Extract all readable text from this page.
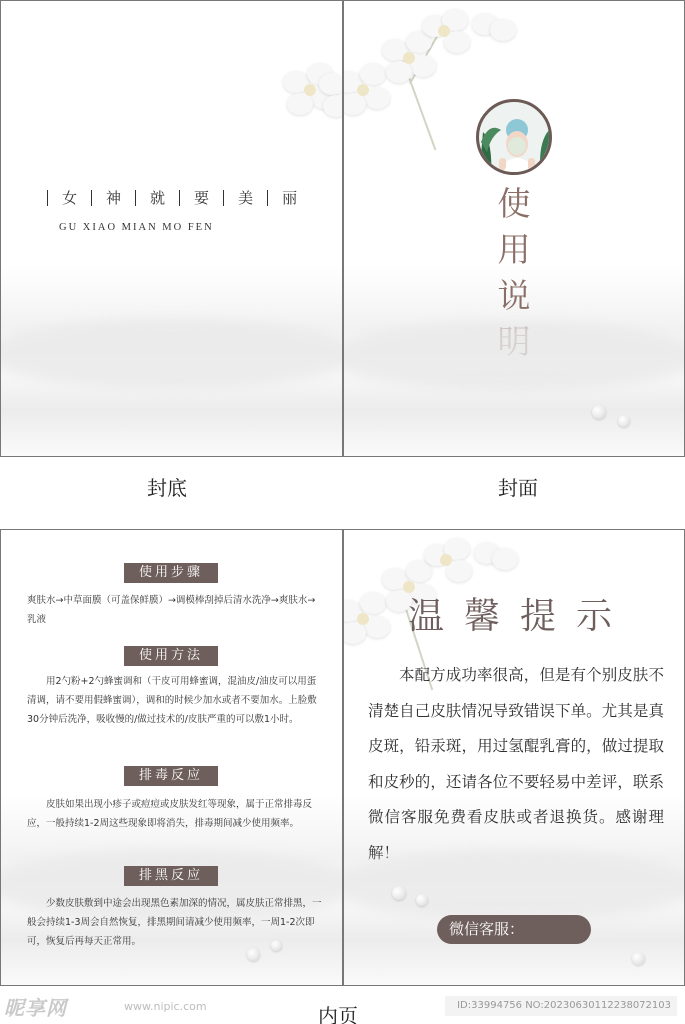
女 神 就 要 美 丽
GU XIAO MIAN MO FEN
使
用
说
封底	封面
使用步骤
爽肤水→中草面膜（可盖保鲜膜）→调模棒刮掉后清水洗净→爽肤水→乳液
使用方法
用2勺粉+2勺蜂蜜调和（干皮可用蜂蜜调，混油皮/油皮可以用蛋清调，请不要用假蜂蜜调），调和的时候少加水或者不要加水。上脸敷30分钟后洗净，吸收慢的/做过技术的/皮肤严重的可以敷1小时。
排毒反应
皮肤如果出现小疹子或痘痘或皮肤发红等现象，属于正常排毒反应，一般持续1-2周这些现象即将消失，排毒期间减少使用频率。
排黑反应
少数皮肤敷到中途会出现黑色素加深的情况，属皮肤正常排黑，一般会持续1-3周会自然恢复，排黑期间请减少使用频率，一周1-2次即可，恢复后再每天正常用。
温馨提示
本配方成功率很高，但是有个别皮肤不清楚自己皮肤情况导致错误下单。尤其是真皮斑，铅汞斑，用过氢醌乳膏的，做过提取和皮秒的，还请各位不要轻易中差评，联系微信客服免费看皮肤或者退换货。感谢理解！
微信客服：
内页
昵享网	www.nipic.com	ID:33994756 NO:20230630112238072103
